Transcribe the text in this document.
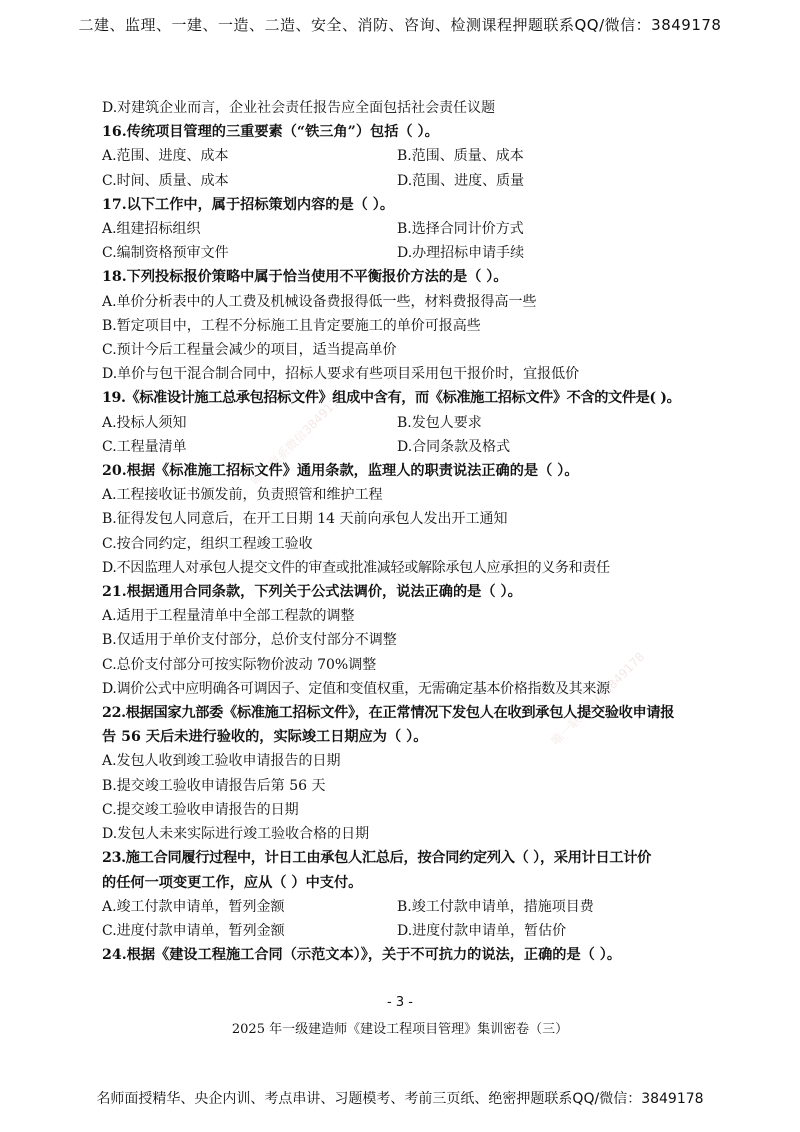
二建、监理、一建、一造、二造、安全、消防、咨询、检测课程押题联系QQ/微信：3849178
唯一联系微信3849178
唯一联系微信3849178
D.对建筑企业而言，企业社会责任报告应全面包括社会责任议题
16.传统项目管理的三重要素（“铁三角”）包括（ ）。
A.范围、进度、成本	B.范围、质量、成本
C.时间、质量、成本	D.范围、进度、质量
17.以下工作中，属于招标策划内容的是（ ）。
A.组建招标组织	B.选择合同计价方式
C.编制资格预审文件	D.办理招标申请手续
18.下列投标报价策略中属于恰当使用不平衡报价方法的是（ ）。
A.单价分析表中的人工费及机械设备费报得低一些，材料费报得高一些
B.暂定项目中，工程不分标施工且肯定要施工的单价可报高些
C.预计今后工程量会减少的项目，适当提高单价
D.单价与包干混合制合同中，招标人要求有些项目采用包干报价时，宜报低价
19.《标准设计施工总承包招标文件》组成中含有，而《标准施工招标文件》不含的文件是( )。
A.投标人须知	B.发包人要求
C.工程量清单	D.合同条款及格式
20.根据《标准施工招标文件》通用条款，监理人的职责说法正确的是（ ）。
A.工程接收证书颁发前，负责照管和维护工程
B.征得发包人同意后，在开工日期 14 天前向承包人发出开工通知
C.按合同约定，组织工程竣工验收
D.不因监理人对承包人提交文件的审查或批准减轻或解除承包人应承担的义务和责任
21.根据通用合同条款，下列关于公式法调价，说法正确的是（ ）。
A.适用于工程量清单中全部工程款的调整
B.仅适用于单价支付部分，总价支付部分不调整
C.总价支付部分可按实际物价波动 70%调整
D.调价公式中应明确各可调因子、定值和变值权重，无需确定基本价格指数及其来源
22.根据国家九部委《标准施工招标文件》，在正常情况下发包人在收到承包人提交验收申请报
告 56 天后未进行验收的，实际竣工日期应为（ ）。
A.发包人收到竣工验收申请报告的日期
B.提交竣工验收申请报告后第 56 天
C.提交竣工验收申请报告的日期
D.发包人未来实际进行竣工验收合格的日期
23.施工合同履行过程中，计日工由承包人汇总后，按合同约定列入（ ），采用计日工计价
的任何一项变更工作，应从（ ）中支付。
A.竣工付款申请单，暂列金额	B.竣工付款申请单，措施项目费
C.进度付款申请单，暂列金额	D.进度付款申请单，暂估价
24.根据《建设工程施工合同（示范文本）》，关于不可抗力的说法，正确的是（ ）。
- 3 -
2025 年一级建造师《建设工程项目管理》集训密卷（三）
名师面授精华、央企内训、考点串讲、习题模考、考前三页纸、绝密押题联系QQ/微信：3849178
